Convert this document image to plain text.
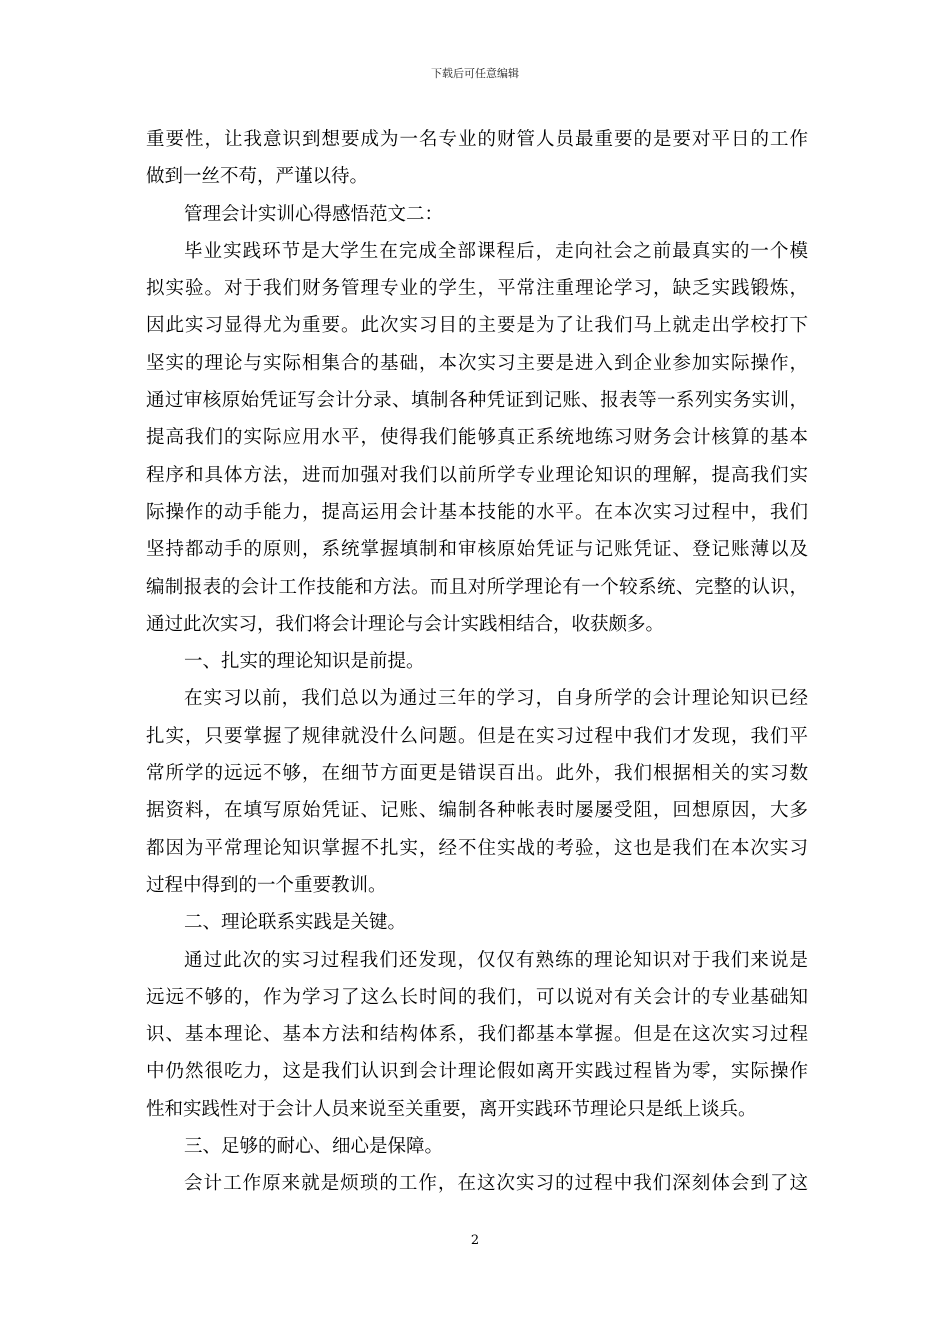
下载后可任意编辑
重要性，让我意识到想要成为一名专业的财管人员最重要的是要对平日的工作
做到一丝不苟，严谨以待。
管理会计实训心得感悟范文二：
毕业实践环节是大学生在完成全部课程后，走向社会之前最真实的一个模
拟实验。对于我们财务管理专业的学生，平常注重理论学习，缺乏实践锻炼，
因此实习显得尤为重要。此次实习目的主要是为了让我们马上就走出学校打下
坚实的理论与实际相集合的基础，本次实习主要是进入到企业参加实际操作，
通过审核原始凭证写会计分录、填制各种凭证到记账、报表等一系列实务实训，
提高我们的实际应用水平，使得我们能够真正系统地练习财务会计核算的基本
程序和具体方法，进而加强对我们以前所学专业理论知识的理解，提高我们实
际操作的动手能力，提高运用会计基本技能的水平。在本次实习过程中，我们
坚持都动手的原则，系统掌握填制和审核原始凭证与记账凭证、登记账薄以及
编制报表的会计工作技能和方法。而且对所学理论有一个较系统、完整的认识，
通过此次实习，我们将会计理论与会计实践相结合，收获颇多。
一、扎实的理论知识是前提。
在实习以前，我们总以为通过三年的学习，自身所学的会计理论知识已经
扎实，只要掌握了规律就没什么问题。但是在实习过程中我们才发现，我们平
常所学的远远不够，在细节方面更是错误百出。此外，我们根据相关的实习数
据资料，在填写原始凭证、记账、编制各种帐表时屡屡受阻，回想原因，大多
都因为平常理论知识掌握不扎实，经不住实战的考验，这也是我们在本次实习
过程中得到的一个重要教训。
二、理论联系实践是关键。
通过此次的实习过程我们还发现，仅仅有熟练的理论知识对于我们来说是
远远不够的，作为学习了这么长时间的我们，可以说对有关会计的专业基础知
识、基本理论、基本方法和结构体系，我们都基本掌握。但是在这次实习过程
中仍然很吃力，这是我们认识到会计理论假如离开实践过程皆为零，实际操作
性和实践性对于会计人员来说至关重要，离开实践环节理论只是纸上谈兵。
三、足够的耐心、细心是保障。
会计工作原来就是烦琐的工作，在这次实习的过程中我们深刻体会到了这
2
